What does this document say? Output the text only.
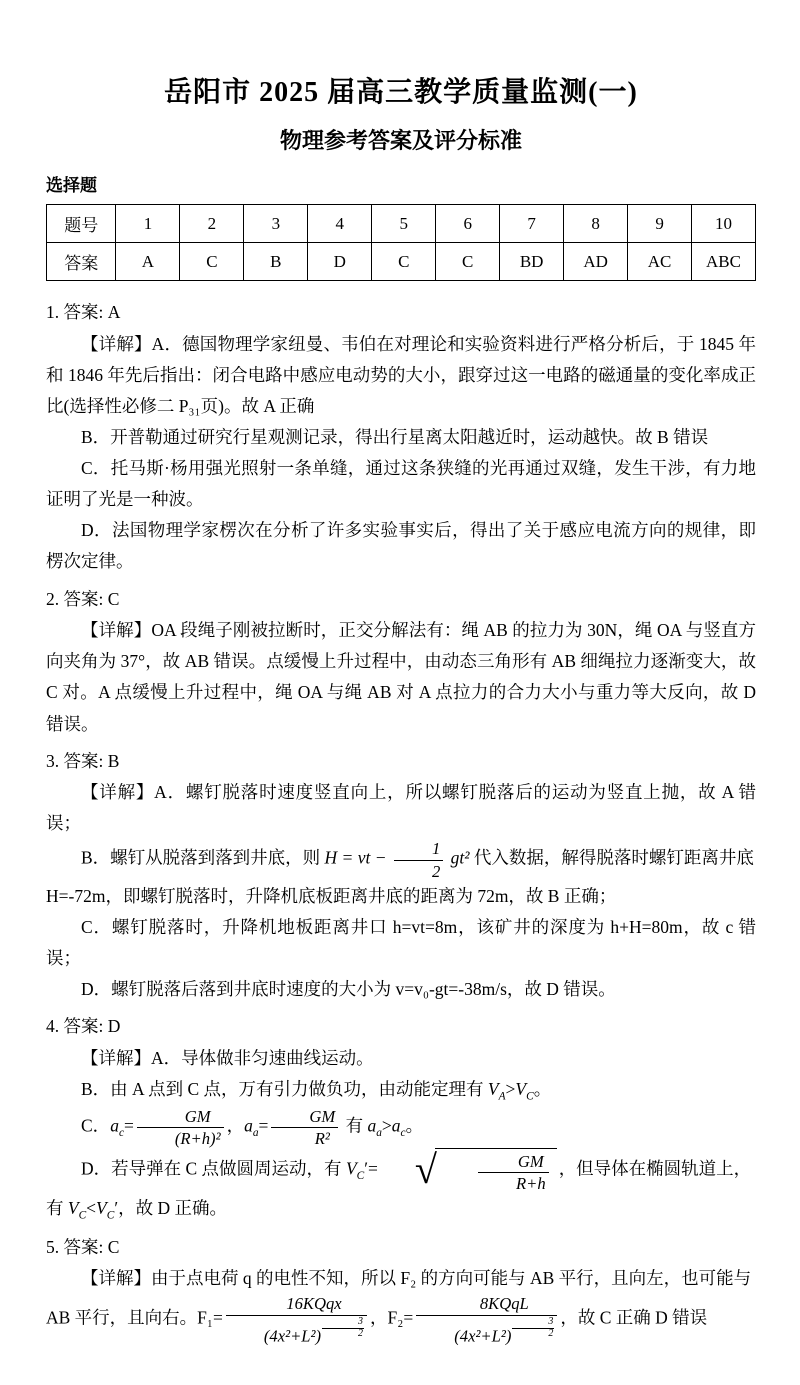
岳阳市 2025 届高三教学质量监测(一)
物理参考答案及评分标准
选择题
题号	1	2	3	4	5	6	7	8	9	10
答案	A	C	B	D	C	C	BD	AD	AC	ABC

1. 答案: A

【详解】A．德国物理学家纽曼、韦伯在对理论和实验资料进行严格分析后，于 1845 年和 1846 年先后指出：闭合电路中感应电动势的大小，跟穿过这一电路的磁通量的变化率成正比(选择性必修二 P₃₁页)。故 A 正确

B．开普勒通过研究行星观测记录，得出行星离太阳越近时，运动越快。故 B 错误

C．托马斯·杨用强光照射一条单缝，通过这条狭缝的光再通过双缝，发生干涉，有力地证明了光是一种波。

D．法国物理学家楞次在分析了许多实验事实后，得出了关于感应电流方向的规律，即楞次定律。

2. 答案: C

【详解】OA 段绳子刚被拉断时，正交分解法有：绳 AB 的拉力为 30N，绳 OA 与竖直方向夹角为 37°，故 AB 错误。点缓慢上升过程中，由动态三角形有 AB 细绳拉力逐渐变大，故 C 对。A 点缓慢上升过程中，绳 OA 与绳 AB 对 A 点拉力的合力大小与重力等大反向，故 D 错误。

3. 答案: B

【详解】A．螺钉脱落时速度竖直向上，所以螺钉脱落后的运动为竖直上抛，故 A 错误；

B．螺钉从脱落到落到井底，则 H = vt − $\frac{1}{2} gt^2$ 代入数据，解得脱落时螺钉距离井底 H=-72m，即螺钉脱落时，升降机底板距离井底的距离为 72m，故 B 正确；

C．螺钉脱落时，升降机地板距离井口 h=vt=8m，该矿井的深度为 h+H=80m，故 c 错误；

D．螺钉脱落后落到井底时速度的大小为 v=v₀-gt=-38m/s，故 D 错误。

4. 答案: D

【详解】A．导体做非匀速曲线运动。

B．由 A 点到 C 点，万有引力做负功，由动能定理有 $V_A>V_C$。

C．$a_c= \frac{GM}{\text{(R+h)²}}$ ，$a_a= \frac{GM}{\text{R²}}$ 有 $a_a>a_c$。

D．若导弹在 C 点做圆周运动，有 $V_C'=$ √ $\frac{GM}{R+h}$ ，但导体在椭圆轨道上，有 $V_C<V_C'$，故 D 正确。

5. 答案: C

【详解】由于点电荷 q 的电性不知，所以 F₂ 的方向可能与 AB 平行，且向左，也可能与 AB 平行，且向右。$F_1= \frac{\text{16KQqx}}{(4x^2+L^2) \frac{3}{2}}$ ，$F_2= \frac{\text{8KQqL}}{(4x^2+L^2) \frac{3}{2}}$ ，故 C 正确 D 错误
